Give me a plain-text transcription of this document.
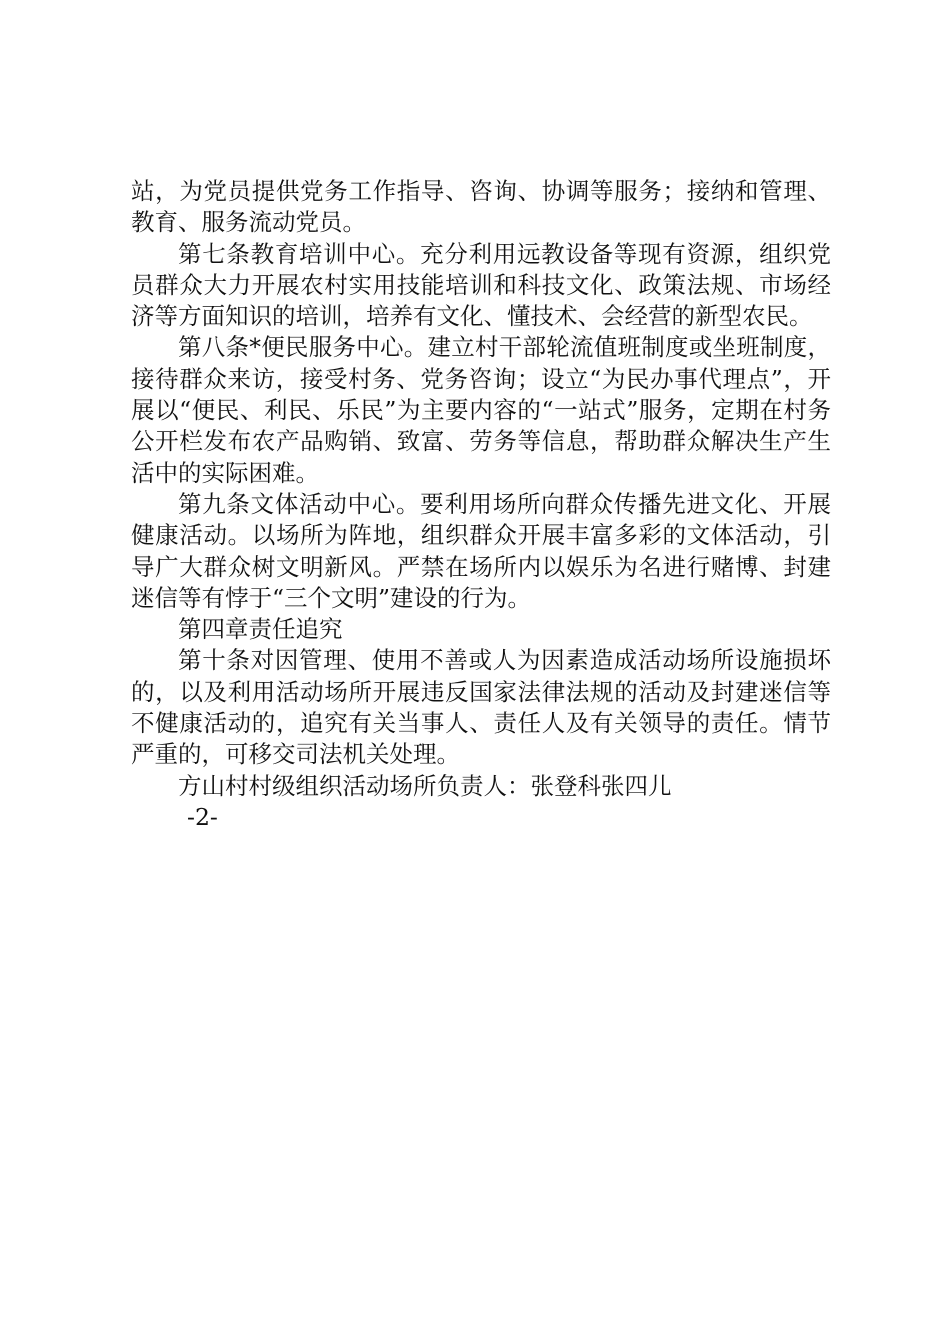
站，为党员提供党务工作指导、咨询、协调等服务；接纳和管理、教育、服务流动党员。

第七条教育培训中心。充分利用远教设备等现有资源，组织党员群众大力开展农村实用技能培训和科技文化、政策法规、市场经济等方面知识的培训，培养有文化、懂技术、会经营的新型农民。

第八条*便民服务中心。建立村干部轮流值班制度或坐班制度，接待群众来访，接受村务、党务咨询；设立“为民办事代理点”，开展以“便民、利民、乐民”为主要内容的“一站式”服务，定期在村务公开栏发布农产品购销、致富、劳务等信息，帮助群众解决生产生活中的实际困难。

第九条文体活动中心。要利用场所向群众传播先进文化、开展健康活动。以场所为阵地，组织群众开展丰富多彩的文体活动，引导广大群众树文明新风。严禁在场所内以娱乐为名进行赌博、封建迷信等有悖于“三个文明”建设的行为。

第四章责任追究

第十条对因管理、使用不善或人为因素造成活动场所设施损坏的，以及利用活动场所开展违反国家法律法规的活动及封建迷信等不健康活动的，追究有关当事人、责任人及有关领导的责任。情节严重的，可移交司法机关处理。

方山村村级组织活动场所负责人：张登科张四儿

-2-
